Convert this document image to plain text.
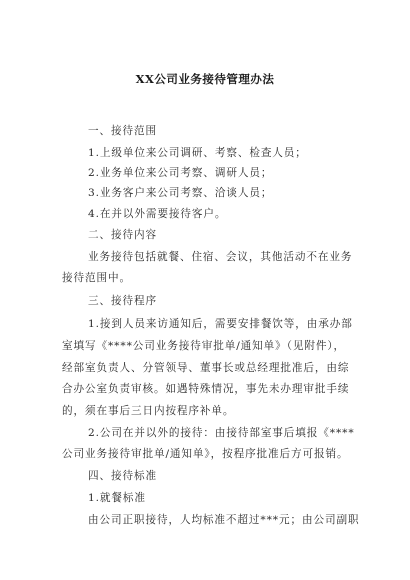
XX公司业务接待管理办法
一、接待范围
1.上级单位来公司调研、考察、检查人员；
2.业务单位来公司考察、调研人员；
3.业务客户来公司考察、洽谈人员；
4.在并以外需要接待客户。
二、接待内容
业务接待包括就餐、住宿、会议，其他活动不在业务
接待范围中。
三、接待程序
1.接到人员来访通知后，需要安排餐饮等，由承办部
室填写《****公司业务接待审批单/通知单》（见附件），
经部室负责人、分管领导、董事长或总经理批准后，由综
合办公室负责审核。如遇特殊情况，事先未办理审批手续
的，须在事后三日内按程序补单。
2.公司在并以外的接待：由接待部室事后填报《****
公司业务接待审批单/通知单》，按程序批准后方可报销。
四、接待标准
1.就餐标准
由公司正职接待，人均标准不超过***元；由公司副职
